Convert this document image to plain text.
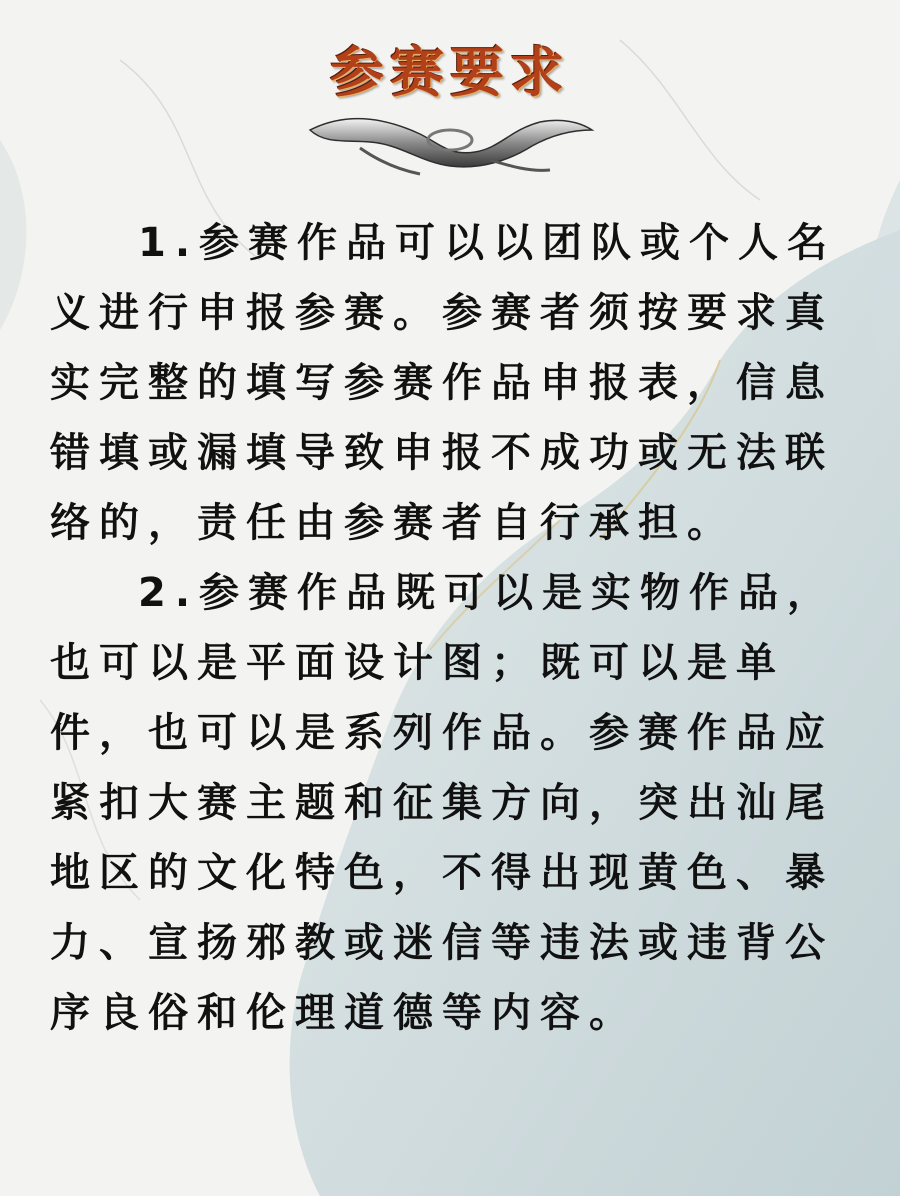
参赛要求

1.参赛作品可以以团队或个人名义进行申报参赛。参赛者须按要求真实完整的填写参赛作品申报表，信息错填或漏填导致申报不成功或无法联络的，责任由参赛者自行承担。

2.参赛作品既可以是实物作品，也可以是平面设计图；既可以是单件，也可以是系列作品。参赛作品应紧扣大赛主题和征集方向，突出汕尾地区的文化特色，不得出现黄色、暴力、宣扬邪教或迷信等违法或违背公序良俗和伦理道德等内容。
